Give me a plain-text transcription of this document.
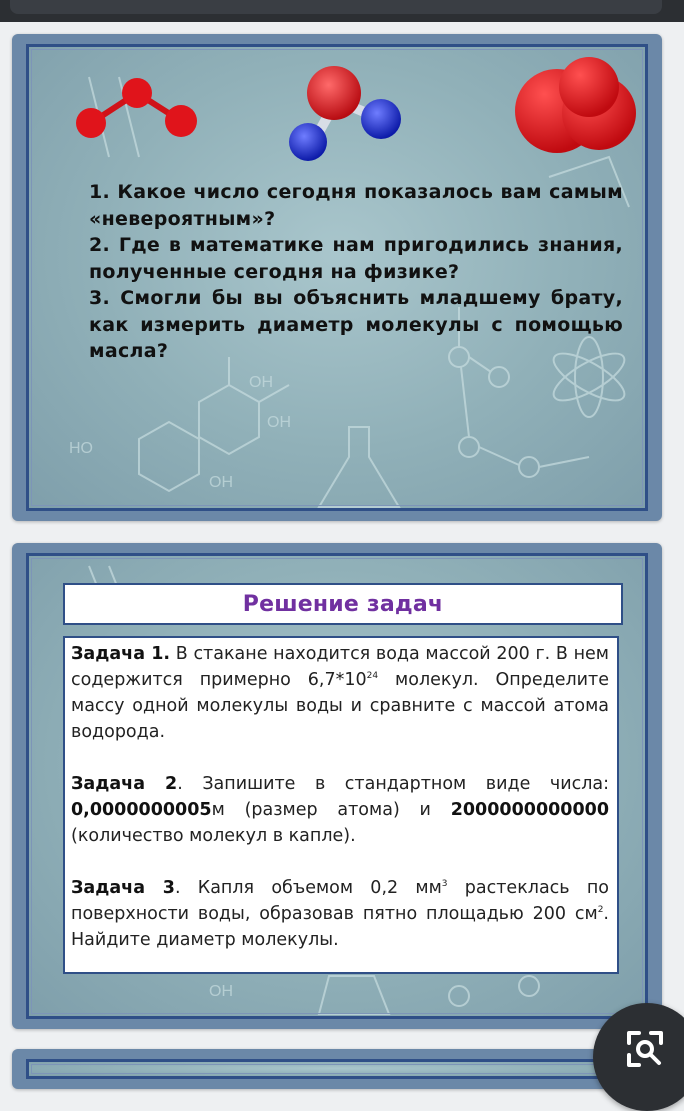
OH
OH
HO
OH

1. Какое число сегодня показалось вам самым «невероятным»?

2. Где в математике нам пригодились знания, полученные сегодня на физике?

3. Смогли бы вы объяснить младшему брату, как измерить диаметр молекулы с помощью масла?

OH
Решение задач

Задача 1. В стакане находится вода массой 200 г. В нем содержится примерно $6,7*10^{24}$ молекул. Определите массу одной молекулы воды и сравните с массой атома водорода.

Задача 2. Запишите в стандартном виде числа: 0,0000000005м (размер атома) и 2000000000000 (количество молекул в капле).

Задача 3. Капля объемом 0,2 $мм^3$ растеклась по поверхности воды, образовав пятно площадью 200 $см^2$. Найдите диаметр молекулы.
